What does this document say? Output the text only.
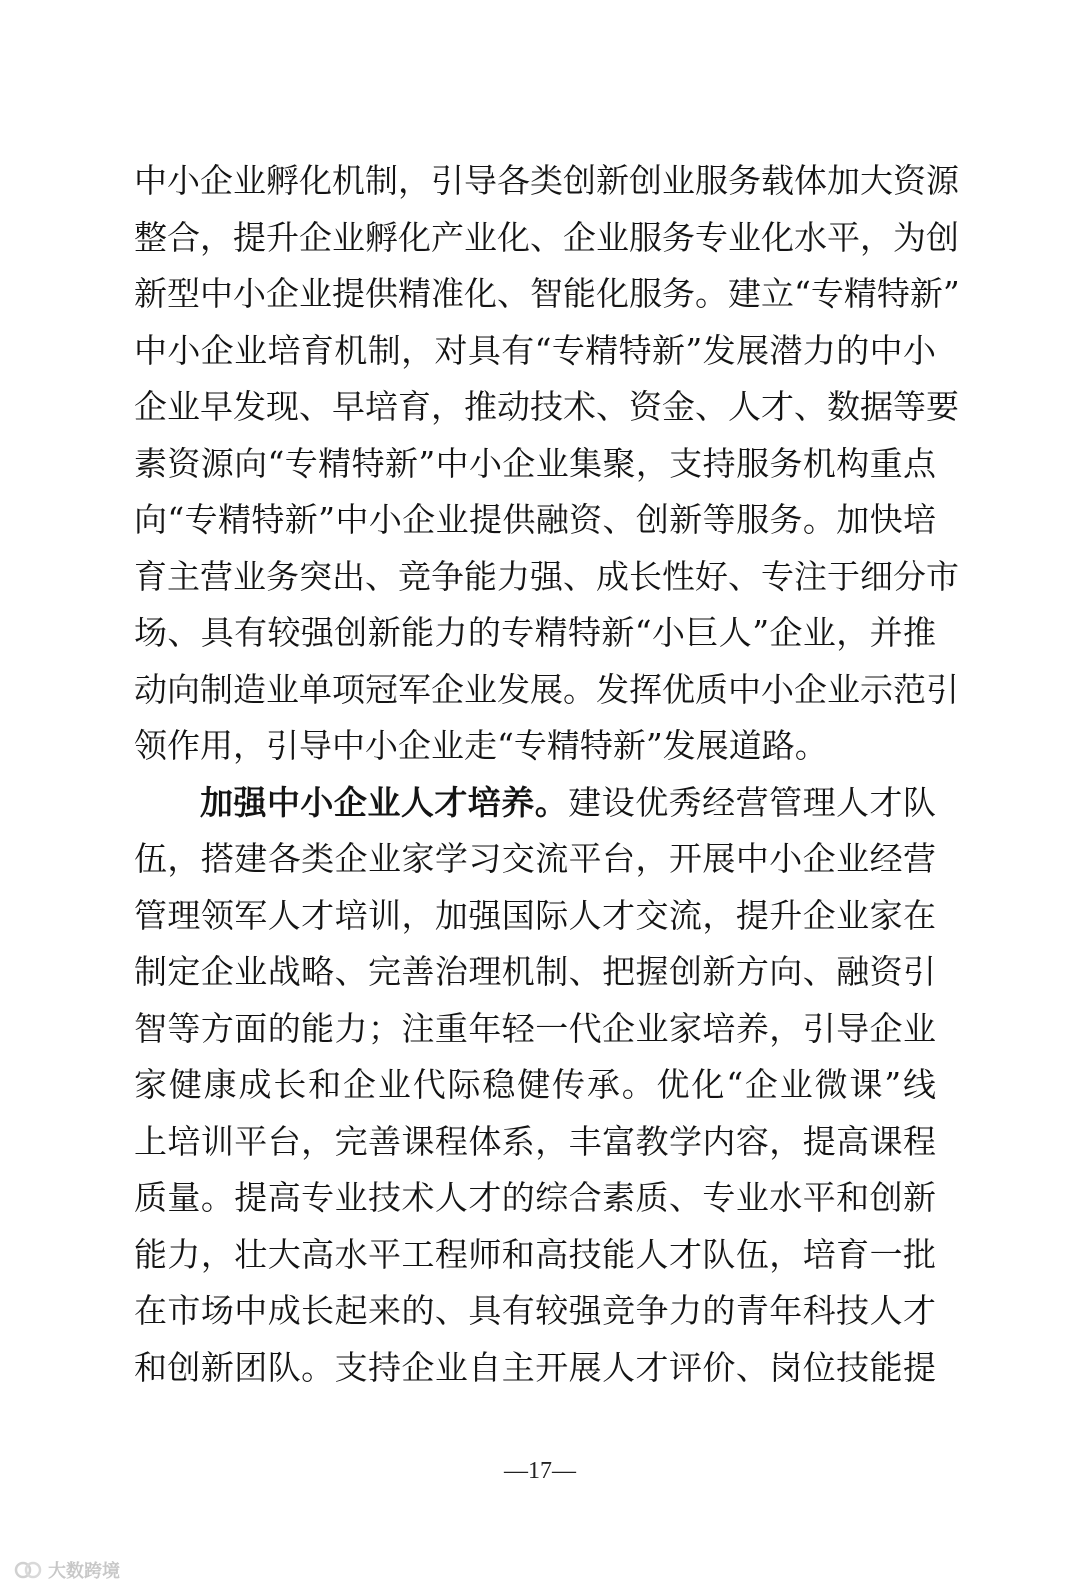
中小企业孵化机制，引导各类创新创业服务载体加大资源
整合，提升企业孵化产业化、企业服务专业化水平，为创
新型中小企业提供精准化、智能化服务。建立“专精特新”
中小企业培育机制，对具有“专精特新”发展潜力的中小
企业早发现、早培育，推动技术、资金、人才、数据等要
素资源向“专精特新”中小企业集聚，支持服务机构重点
向“专精特新”中小企业提供融资、创新等服务。加快培
育主营业务突出、竞争能力强、成长性好、专注于细分市
场、具有较强创新能力的专精特新“小巨人”企业，并推
动向制造业单项冠军企业发展。发挥优质中小企业示范引
领作用，引导中小企业走“专精特新”发展道路。
加强中小企业人才培养。建设优秀经营管理人才队
伍，搭建各类企业家学习交流平台，开展中小企业经营
管理领军人才培训，加强国际人才交流，提升企业家在
制定企业战略、完善治理机制、把握创新方向、融资引
智等方面的能力；注重年轻一代企业家培养，引导企业
家健康成长和企业代际稳健传承。优化“企业微课”线
上培训平台，完善课程体系，丰富教学内容，提高课程
质量。提高专业技术人才的综合素质、专业水平和创新
能力，壮大高水平工程师和高技能人才队伍，培育一批
在市场中成长起来的、具有较强竞争力的青年科技人才
和创新团队。支持企业自主开展人才评价、岗位技能提
—17—
大数跨境
